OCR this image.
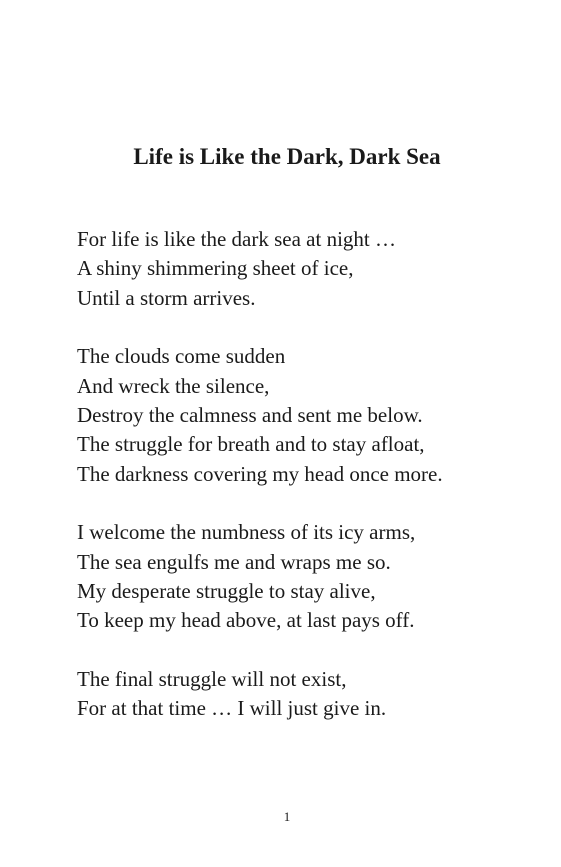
Life is Like the Dark, Dark Sea
For life is like the dark sea at night …
A shiny shimmering sheet of ice,
Until a storm arrives.
The clouds come sudden
And wreck the silence,
Destroy the calmness and sent me below.
The struggle for breath and to stay afloat,
The darkness covering my head once more.
I welcome the numbness of its icy arms,
The sea engulfs me and wraps me so.
My desperate struggle to stay alive,
To keep my head above, at last pays off.
The final struggle will not exist,
For at that time … I will just give in.
1
